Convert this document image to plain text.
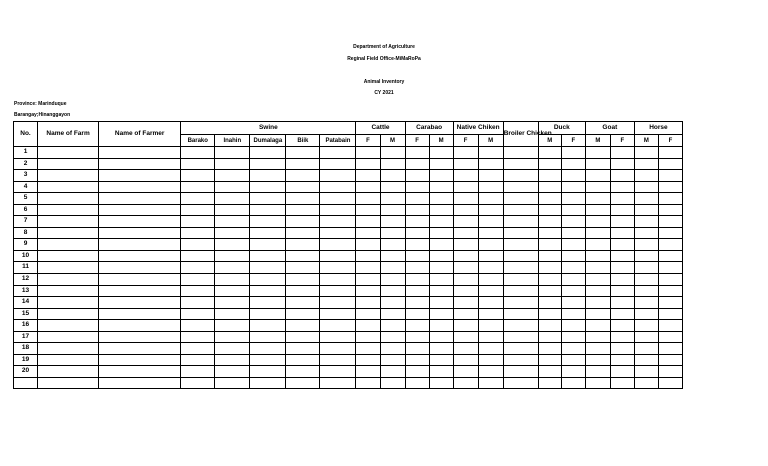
Department of Agriculture
Reginal Field Office-MiMaRoPa
Animal Inventory
CY 2021
Province: Marinduque
Barangay;Hinanggayon
No.	Name of Farm	Name of Farmer	Swine					Cattle		Carabao		Native Chiken		Broiler Chicken	Duck		Goat		Horse	
			Barako	Inahin	Dumalaga	Biik	Patabain	F	M	F	M	F	M		M	F	M	F	M	F
1																				
2																				
3																				
4																				
5																				
6																				
7																				
8																				
9																				
10																				
11																				
12																				
13																				
14																				
15																				
16																				
17																				
18																				
19																				
20																				
